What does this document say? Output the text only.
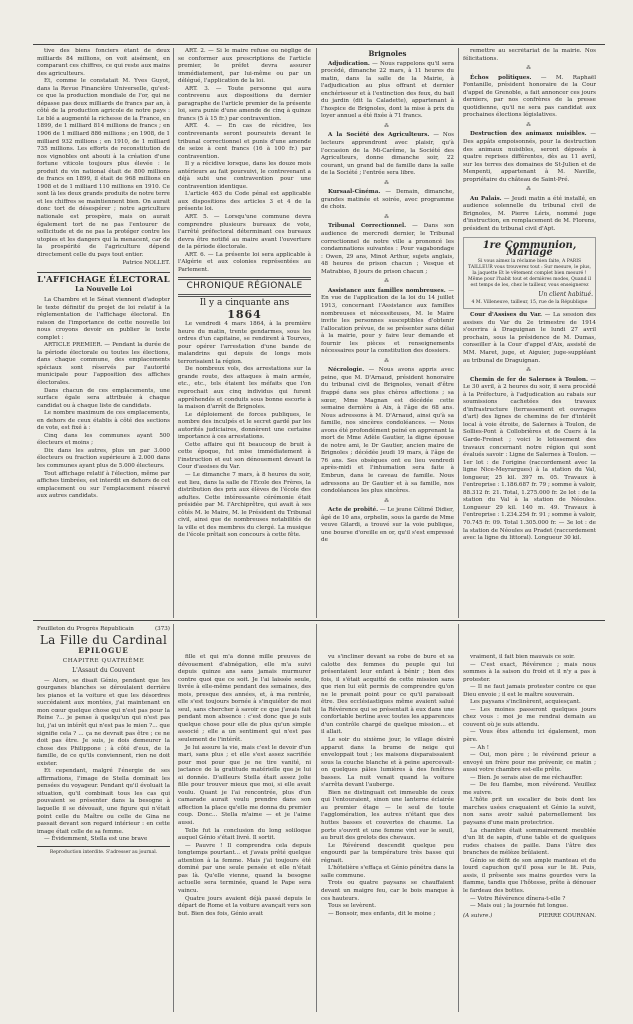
tive des biens fonciers étant de deux milliards 84 millions, on voit aisément, en comparant ces chiffres, ce qui reste aux mains des agriculteurs.

Et, comme le constatait M. Yves Guyot, dans la Revue Financière Universelle, qu'est-ce que la production mondiale de l'or, qui ne dépasse pas deux milliards de francs par an, à côté de la production agricole de notre pays : Le blé a augmenté la richesse de la France, en 1899, de 1 milliard 814 millions de francs ; en 1906 de 1 milliard 886 millions ; en 1908, de 1 milliard 932 millions ; en 1910, de 1 milliard 735 millions. Les efforts de reconstitution de nos vignobles ont abouti à la création d'une fortune viticole toujours plus élevée : le produit du vin national était de 800 millions de francs en 1899, il était de 968 millions en 1908 et de 1 milliard 110 millions en 1910. Ce sont là les deux grands produits de notre terre et les chiffres se maintiennent bien. On aurait donc tort de désespérer ; notre agriculture nationale est prospère, mais on aurait également tort de ne pas l'entourer de sollicitude et de ne pas la protéger contre les utopies et les dangers qui la menacent, car de la prospérité de l'agriculture dépend directement celle du pays tout entier.

Patrice NOLLET.
L'AFFICHAGE ÉLECTORAL
La Nouvelle Loi

La Chambre et le Sénat viennent d'adopter le texte définitif du projet de loi relatif à la réglementation de l'affichage électoral. En raison de l'importance de cette nouvelle loi nous croyons devoir en publier le texte complet :

ARTICLE PREMIER. — Pendant la durée de la période électorale ou toutes les élections, dans chaque commune, des emplacements spéciaux sont réservés par l'autorité municipale pour l'apposition des affiches électorales.

Dans chacun de ces emplacements, une surface égale sera attribuée à chaque candidat ou à chaque liste de candidats.

Le nombre maximum de ces emplacements, en dehors de ceux établis à côté des sections de vote, est fixé à :

Cinq dans les communes ayant 500 électeurs et moins ;

Dix dans les autres, plus un par 3.000 électeurs ou fraction supérieure à 2.000 dans les communes ayant plus de 5.000 électeurs.

Tout affichage relatif à l'élection, même par affiches timbrées, est interdit en dehors de cet emplacement ou sur l'emplacement réservé aux autres candidats.

ART. 2. — Si le maire refuse ou néglige de se conformer aux prescriptions de l'article premier, le préfet devra assurer immédiatement, par lui-même ou par un délégué, l'application de la loi.

ART. 3. — Toute personne qui aura contrevenu aux dispositions du dernier paragraphe de l'article premier de la présente loi, sera punie d'une amende de cinq à quinze francs (5 à 15 fr.) par contravention.

ART. 4. — En cas de récidive, les contrevenants seront poursuivis devant le tribunal correctionnel et punis d'une amende de seize à cent francs (16 à 100 fr.) par contravention.

Il y a récidive lorsque, dans les douze mois antérieurs au fait poursuivi, le contrevenant a déjà subi une contravention pour une contravention identique.

L'article 463 du Code pénal est applicable aux dispositions des articles 3 et 4 de la présente loi.

ART. 5. — Lorsqu'une commune devra comprendre plusieurs bureaux de vote, l'arrêté préfectoral déterminant ces bureaux devra être notifié au maire avant l'ouverture de la période électorale.

ART. 6. — La présente loi sera applicable à l'Algérie et aux colonies représentées au Parlement.

CHRONIQUE RÉGIONALE
Il y a cinquante ans
1864

Le vendredi 4 mars 1864, à la première heure du matin, trente gendarmes, sous les ordres d'un capitaine, se rendirent à Tourves, pour opérer l'arrestation d'une bande de malandrins qui depuis de longs mois terrorisaient la région.

De nombreux vols, des arrestations sur la grande route, des attaques à main armée, etc., etc., tels étaient les méfaits que l'on reprochait aux cinq individus qui furent appréhendés et conduits sous bonne escorte à la maison d'arrêt de Brignoles.

Le déploiement de forces publiques, le nombre des inculpés et le secret gardé par les autorités judiciaires, donnèrent une certaine importance à ces arrestations.

Cette affaire qui fit beaucoup de bruit à cette époque, fut mise immédiatement à l'instruction et eut son dénouement devant la Cour d'assises du Var.

— Le dimanche 7 mars, à 8 heures du soir, eut lieu, dans la salle de l'Ecole des Frères, la distribution des prix aux élèves de l'école des adultes. Cette intéressante cérémonie était présidée par M. l'Archiprêtre, qui avait à ses côtés M. le Maire, M. le Président du Tribunal civil, ainsi que de nombreuses notabilités de la ville et des membres du clergé. La musique de l'école prêtait son concours à cette fête.

Brignoles

Adjudication. — Nous rappelons qu'il sera procédé, dimanche 22 mars, à 11 heures du matin, dans la salle de la Mairie, à l'adjudication au plus offrant et dernier enchérisseur et à l'extinction des feux, du bail du jardin (dit la Caladette), appartenant à l'hospice de Brignoles, dont la mise à prix du loyer annuel a été fixée à 71 francs.

⁂

A la Société des Agriculteurs. — Nos lecteurs apprendront avec plaisir, qu'à l'occasion de la Mi-Carême, la Société des Agriculteurs, donne dimanche soir, 22 courant, un grand bal de famille dans la salle de la Société ; l'entrée sera libre.

⁂

Kursaal-Cinéma. — Demain, dimanche, grandes matinée et soirée, avec programme de choix.

⁂

Tribunal Correctionnel. — Dans son audience de mercredi dernier, le Tribunal correctionnel de notre ville a prononcé les condamnations suivantes : Pour vagabondage : Owen, 29 ans, Minot Arthur, sujets anglais, 48 heures de prison chacun ; Vesque et Matrabiso, 8 jours de prison chacun ;

⁂

Assistance aux familles nombreuses. — En vue de l'application de la loi du 14 juillet 1913, concernant l'Assistance aux familles nombreuses et nécessiteuses, M. le Maire invite les personnes susceptibles d'obtenir l'allocation prévue, de se présenter sans délai à la mairie, pour y faire leur demande et fournir les pièces et renseignements nécessaires pour la constitution des dossiers.

⁂

Nécrologie. — Nous avons appris avec peine, que M. D'Arnaud, président honoraire du tribunal civil de Brignoles, venait d'être frappé dans ses plus chères affections ; sa sœur, Mme Magnan est décédée cette semaine dernière à Aix, à l'âge de 68 ans. Nous adressons à M. D'Arnaud, ainsi qu'à sa famille, nos sincères condoléances. — Nous avons été profondément peiné en apprenant la mort de Mme Adèle Gautier, la digne épouse de notre ami, le Dr Gautier, ancien maire de Brignoles ; décédée jeudi 19 mars, à l'âge de 76 ans. Ses obsèques ont eu lieu vendredi après-midi et l'inhumation sera faite à Embrun, dans le caveau de famille. Nous adressons au Dr Gautier et à sa famille, nos condoléances les plus sincères.

⁂

Acte de probité. — Le jeune Célimé Didier, âgé de 10 ans, orphelin, sous la garde de Mme veuve Gilardi, a trouvé sur la voie publique, une bourse d'oreille en or, qu'il s'est empressé de

remettre au secrétariat de la mairie. Nos félicitations.

⁂

Échos politiques. — M. Raphaël Fontanille, président honoraire de la Cour d'appel de Grenoble, a fait annoncer ces jours derniers, par nos confrères de la presse quotidienne, qu'il ne sera pas candidat aux prochaines élections législatives.

⁂

Destruction des animaux nuisibles. — Des appâts empoisonnés, pour la destruction des animaux nuisibles, seront déposés à quatre reprises différentes, dès au 11 avril, sur les terres des domaines de St-Julien et de Menpenti, appartenant à M. Naville, propriétaire du château de Saint-Pré.

⁂

Au Palais. — Jeudi matin a été installé, en audience solennelle du tribunal civil de Brignoles, M. Pierre Léris, nommé juge d'instruction, en remplacement de M. Florens, président du tribunal civil d'Apt.

1re Communion, Mariage
Si vous aimez la réclame bien faite, A PARIS TAILLEUR vous trouverez tout : Sur mesure, le plus, la jaquette Et le vêtement complet bien mesuré ! Même pour l'habit tout et dernières modes, Quand il est temps de les, chez le tailleur, vous enseignerez
Un client habitué.
4 M. Villeneuve, tailleur, 15, rue de la République

Cour d'Assises du Var. — La session des assises du Var du 2e trimestre de 1914 s'ouvrira à Draguignan le lundi 27 avril prochain, sous la présidence de M. Dumas, conseiller à la Cour d'appel d'Aix, assisté de MM. Maret, juge, et Aiguier, juge-suppléant au tribunal de Draguignan.

⁂

Chemin de fer de Salernes à Toulon. — Le 30 avril, à 2 heures du soir, il sera procédé à la Préfecture, à l'adjudication au rabais sur soumissions cachetées des travaux d'infrastructure (terrassement et ouvrages d'art) des lignes de chemins de fer d'intérêt local à voie étroite, de Salernes à Toulon, de Sollies-Pont à Collobrières et de Cuers à la Garde-Freinet ; voici le lotissement des travaux concernant notre région qui sont évalués savoir : Ligne de Salernes à Toulon. — 1er lot : de l'origine (raccordement avec la ligne Nice-Meyrargues) à la station du Val, longueur, 25 kil. 397 m. 05. Travaux à l'entreprise : 1.186.687 fr. 79 ; somme à valoir, 88.312 fr. 21. Total, 1.275.000 fr. 2e lot : de la station du Val à la station de Néoules. Longueur 29 kil. 140 m. 49. Travaux à l'entreprise : 1.234.254 fr. 91 ; somme à valoir, 70.745 fr. 09. Total 1.305.000 fr. — 3e lot : de la station de Néoules au Pradet (raccordement avec la ligne du littoral). Longueur 30 kil.

Feuilleton du Progrès Républicain	(373)
La Fille du Cardinal
EPILOGUE
CHAPITRE QUATRIÈME
L'Assaut du Couvent

— Alors, se disait Génio, pendant que les gourganes blanches se déroulaient derrière les pianos et la voiture et que les désordres succédaient aux montées, j'ai maintenant en mon cœur quelque chose qui n'est pas pour la Reine ?... je pense à quelqu'un qui n'est pas lui, j'ai un intérêt qui n'est pas le mien ?... que signifie cela ? ... ça ne devrait pas être ; ce ne doit pas être. Je suis, je dois demeurer la chose des Philippone ; à côté d'eux, de la famille, de ce qu'ils conviennent, rien ne doit exister.

Et cependant, malgré l'énergie de ses affirmations, l'image de Stella dominait les pensées du voyageur. Pendant qu'il évoluait la situation, qu'il combinait tous les cas qui pouvaient se présenter dans la besogne à laquelle il se dévouait, une figure qui n'était point celle du Maître ou celle de Gina ne passait devant son regard intérieur : en cette image était celle de sa femme.

— Évidemment, Stella est une brave

Reproduction interdite. S'adresser au journal.

fille et qui m'a donné mille preuves de dévouement d'abnégation, elle m'a suivi depuis quinze ans sans jamais murmurer contre quoi que ce soit. Je l'ai laissée seule, livrée à elle-même pendant des semaines, des mois, presque des années, et, à ma rentrée, elle s'est toujours bornée à s'inquiéter de moi seul, sans chercher à savoir ce que j'avais fait pendant mon absence : c'est donc que je suis quelque chose pour elle de plus qu'un simple associé ; elle a un sentiment qui n'est pas seulement de l'intérêt.

Je lui assure la vie, mais c'est le devoir d'un mari, sans plus ; et elle s'est assez sacrifiée pour moi pour que je ne tire vanité, ni jactance de la gratitude matérielle que je lui ai donnée. D'ailleurs Stella était assez jolie fille pour trouver mieux que moi, si elle avait voulu. Quant je l'ai rencontrée, plus d'un camarade aurait voulu prendre dans son affection la place qu'elle me donna du premier coup. Donc... Stella m'aime — et je l'aime aussi.

Telle fut la conclusion du long soliloque auquel Génio s'était livré. Il sortit.

— Pauvre ! Il comprendra cela depuis longtemps pourtant... et j'avais prêté quelque attention à la femme. Mais j'ai toujours été dominé par une seule pensée et elle n'était pas là. Qu'elle vienne, quand la besogne actuelle sera terminée, quand le Pape sera vaincu.

Quatre jours avaient déjà passé depuis le départ de Rome et la voiture avançait vers son but. Bien des fois, Génio avait

vu s'incliner devant sa robe de bure et sa calotte des femmes du peuple qui lui présentaient leur enfant à bénir ; bien des fois, il s'était acquitté de cette mission sans que rien lui eût permis de comprendre qu'on ne le prenait point pour ce qu'il paraissait être. Des ecclésiastiques même avaient salué la Révérence qui se présentait à eux dans une confortable berline avec toutes les apparences d'un contrôle chargé de quelque mission... et il allait.

Le soir du sixième jour, le village désiré apparut dans la brume de neige qui enveloppait tout ; les maisons disparaissaient sous la couche blanche et à peine apercevait-on quelques pâles lumières à des fenêtres basses. La nuit venait quand la voiture s'arrêta devant l'auberge.

Bien ne distinguait cet immeuble de ceux qui l'entouraient, sinon une lanterne éclairée au premier étage — le seul de toute l'agglomération, les autres n'étant que des huttes basses et couvertes de chaume. La porte s'ouvrit et une femme vint sur le seuil, au bruit des grelots des chevaux.

Le Révérend descendit quelque peu engourdi par la température très basse qui régnait.

L'hôtelière s'effaça et Génio pénétra dans la salle commune.

Trois ou quatre paysans se chauffaient devant un maigre feu, car le bois manque à ces hauteurs.

Tous se levèrent.

— Bonsoir, mes enfants, dit le moine ;

vraiment, il fait bien mauvais ce soir.

— C'est exact, Révérence ; mais nous sommes à la saison du froid et il n'y a pas à protester.

— Il ne faut jamais protester contre ce que Dieu envoie ; il est le maître souverain.

Les paysans s'inclinèrent, acquiesçant.

— Les moines passeront quelques jours chez vous : moi je me rendrai demain au couvent où je suis attendu.

— Vous êtes attendu ici également, mon père.

— Ah !

— Oui, mon père ; le révérend prieur a envoyé un frère pour me prévenir, ce matin ; aussi votre chambre est-elle prête.

— Bien. Je serais aise de me réchauffer.

— De feu flambe, mon révérend. Veuillez me suivre.

L'hôte prit un escalier de bois dont les marches usées craquaient et Génio la suivit, non sans avoir salué paternellement les paysans d'une main protectrice.

La chambre était sommairement meublée d'un lit de sapin, d'une table et de quelques rudes chaises de paille. Dans l'âtre des branches de mélèze brûlaient.

Génio se défit de son ample manteau et du lourd capuchon qu'il posa sur le lit. Puis, assis, il prêsente ses mains gourdes vers la flamme, tandis que l'hôtesse, prête à dénouer le fardeau des bottes.

— Votre Révérence dînera-t-elle ?

— Mais oui ; la journée fut longue.

(A suivre.)	PIERRE COURNAN.
